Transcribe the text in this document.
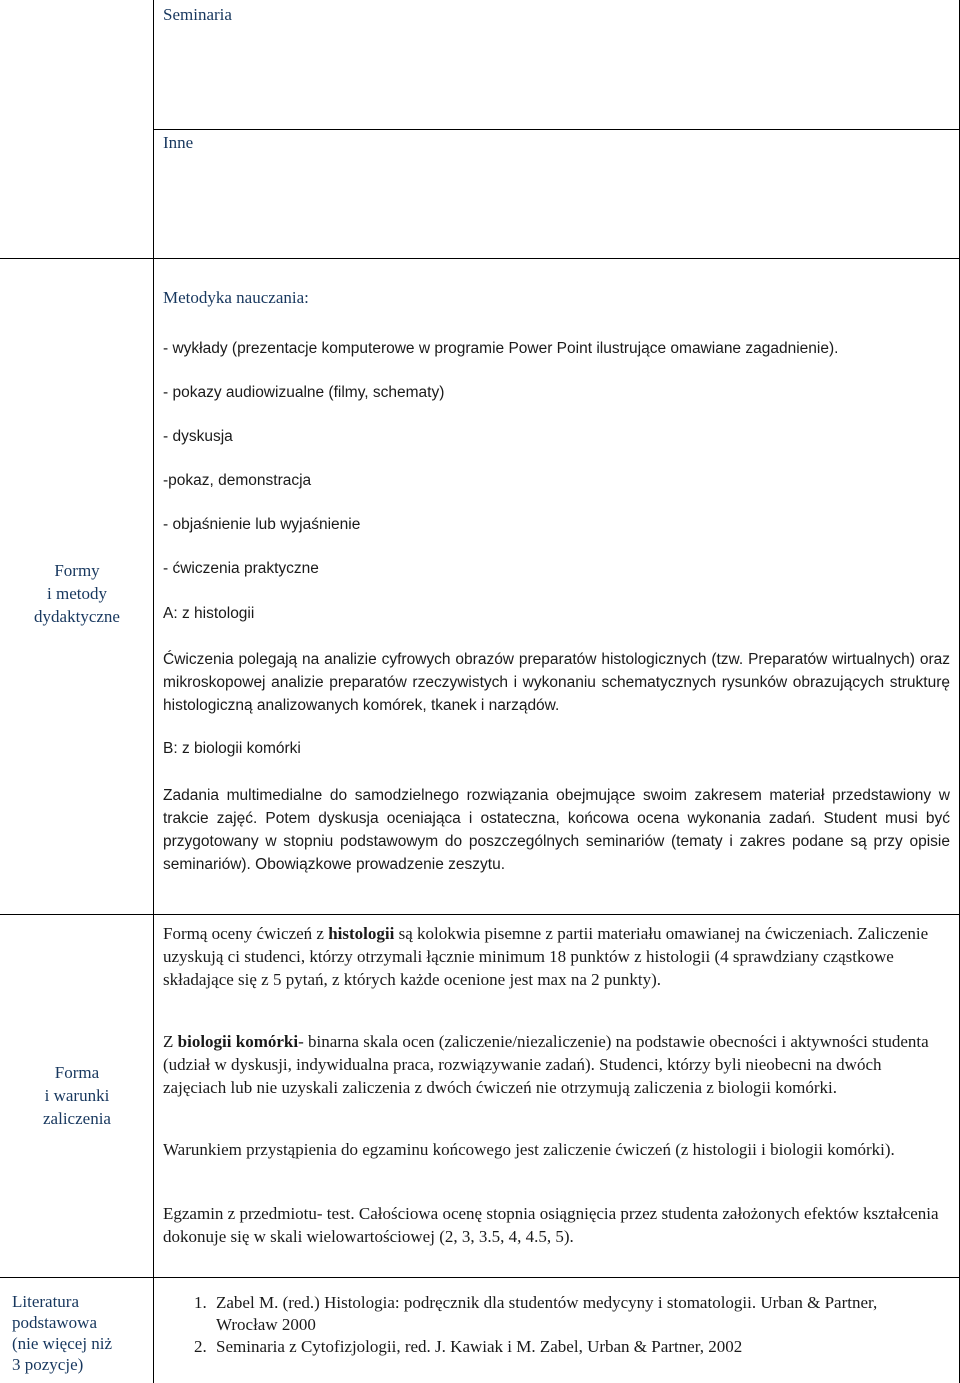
Seminaria

Inne

Formy
i metody
dydaktyczne

Metodyka nauczania:

- wykłady (prezentacje komputerowe w programie Power Point ilustrujące omawiane zagadnienie).

- pokazy audiowizualne (filmy, schematy)

- dyskusja

-pokaz, demonstracja

- objaśnienie lub wyjaśnienie

- ćwiczenia praktyczne

A: z histologii

Ćwiczenia polegają na analizie cyfrowych obrazów preparatów histologicznych (tzw. Preparatów wirtualnych) oraz mikroskopowej analizie preparatów rzeczywistych i wykonaniu schematycznych rysunków obrazujących strukturę histologiczną analizowanych komórek, tkanek i narządów.

B: z biologii komórki

Zadania multimedialne do samodzielnego rozwiązania obejmujące swoim zakresem materiał przedstawiony w trakcie zajęć. Potem dyskusja oceniająca i ostateczna, końcowa ocena wykonania zadań. Student musi być przygotowany w stopniu podstawowym do poszczególnych seminariów (tematy i zakres podane są przy opisie seminariów). Obowiązkowe prowadzenie zeszytu.

Forma
i warunki
zaliczenia

Formą oceny ćwiczeń z histologii są kolokwia pisemne z partii materiału omawianej na ćwiczeniach. Zaliczenie uzyskują ci studenci, którzy otrzymali łącznie minimum 18 punktów z histologii (4 sprawdziany cząstkowe składające się z 5 pytań, z których każde ocenione jest max na 2 punkty).

Z biologii komórki- binarna skala ocen (zaliczenie/niezaliczenie) na podstawie obecności i aktywności studenta (udział w dyskusji, indywidualna praca, rozwiązywanie zadań). Studenci, którzy byli nieobecni na dwóch zajęciach lub nie uzyskali zaliczenia z dwóch ćwiczeń nie otrzymują zaliczenia z biologii komórki.

Warunkiem przystąpienia do egzaminu końcowego jest zaliczenie ćwiczeń (z histologii i biologii komórki).

Egzamin z przedmiotu- test. Całościowa ocenę stopnia osiągnięcia przez studenta założonych efektów kształcenia dokonuje się w skali wielowartościowej (2, 3, 3.5, 4, 4.5, 5).

Literatura
podstawowa
(nie więcej niż
3 pozycje)
1. Zabel M. (red.) Histologia: podręcznik dla studentów medycyny i stomatologii. Urban & Partner, Wrocław 2000
2. Seminaria z Cytofizjologii, red. J. Kawiak i M. Zabel, Urban & Partner, 2002
